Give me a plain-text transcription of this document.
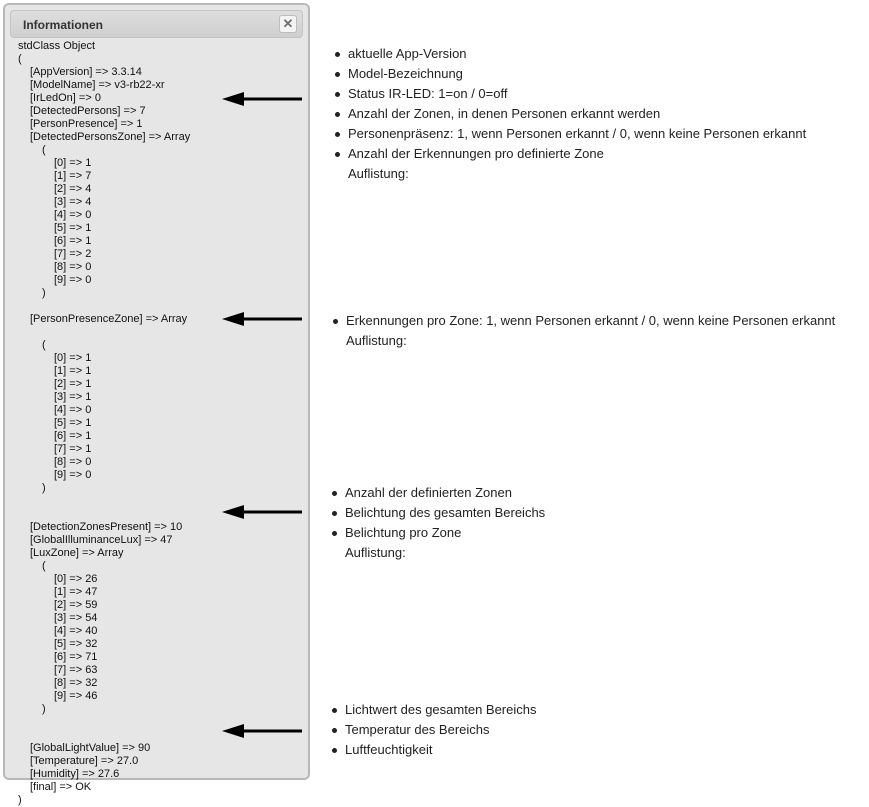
Informationen	✕
stdClass Object
(
[AppVersion] => 3.3.14
[ModelName] => v3-rb22-xr
[IrLedOn] => 0
[DetectedPersons] => 7
[PersonPresence] => 1
[DetectedPersonsZone] => Array
(
[0] => 1
[1] => 7
[2] => 4
[3] => 4
[4] => 0
[5] => 1
[6] => 1
[7] => 2
[8] => 0
[9] => 0
)
[PersonPresenceZone] => Array
(
[0] => 1
[1] => 1
[2] => 1
[3] => 1
[4] => 0
[5] => 1
[6] => 1
[7] => 1
[8] => 0
[9] => 0
)
[DetectionZonesPresent] => 10
[GlobalIlluminanceLux] => 47
[LuxZone] => Array
(
[0] => 26
[1] => 47
[2] => 59
[3] => 54
[4] => 40
[5] => 32
[6] => 71
[7] => 63
[8] => 32
[9] => 46
)
[GlobalLightValue] => 90
[Temperature] => 27.0
[Humidity] => 27.6
[final] => OK
)
aktuelle App-Version
Model-Bezeichnung
Status IR-LED: 1=on / 0=off
Anzahl der Zonen, in denen Personen erkannt werden
Personenpräsenz: 1, wenn Personen erkannt / 0, wenn keine Personen erkannt
Anzahl der Erkennungen pro definierte Zone
Auflistung:
Erkennungen pro Zone: 1, wenn Personen erkannt / 0, wenn keine Personen erkannt
Auflistung:
Anzahl der definierten Zonen
Belichtung des gesamten Bereichs
Belichtung pro Zone
Auflistung:
Lichtwert des gesamten Bereichs
Temperatur des Bereichs
Luftfeuchtigkeit
